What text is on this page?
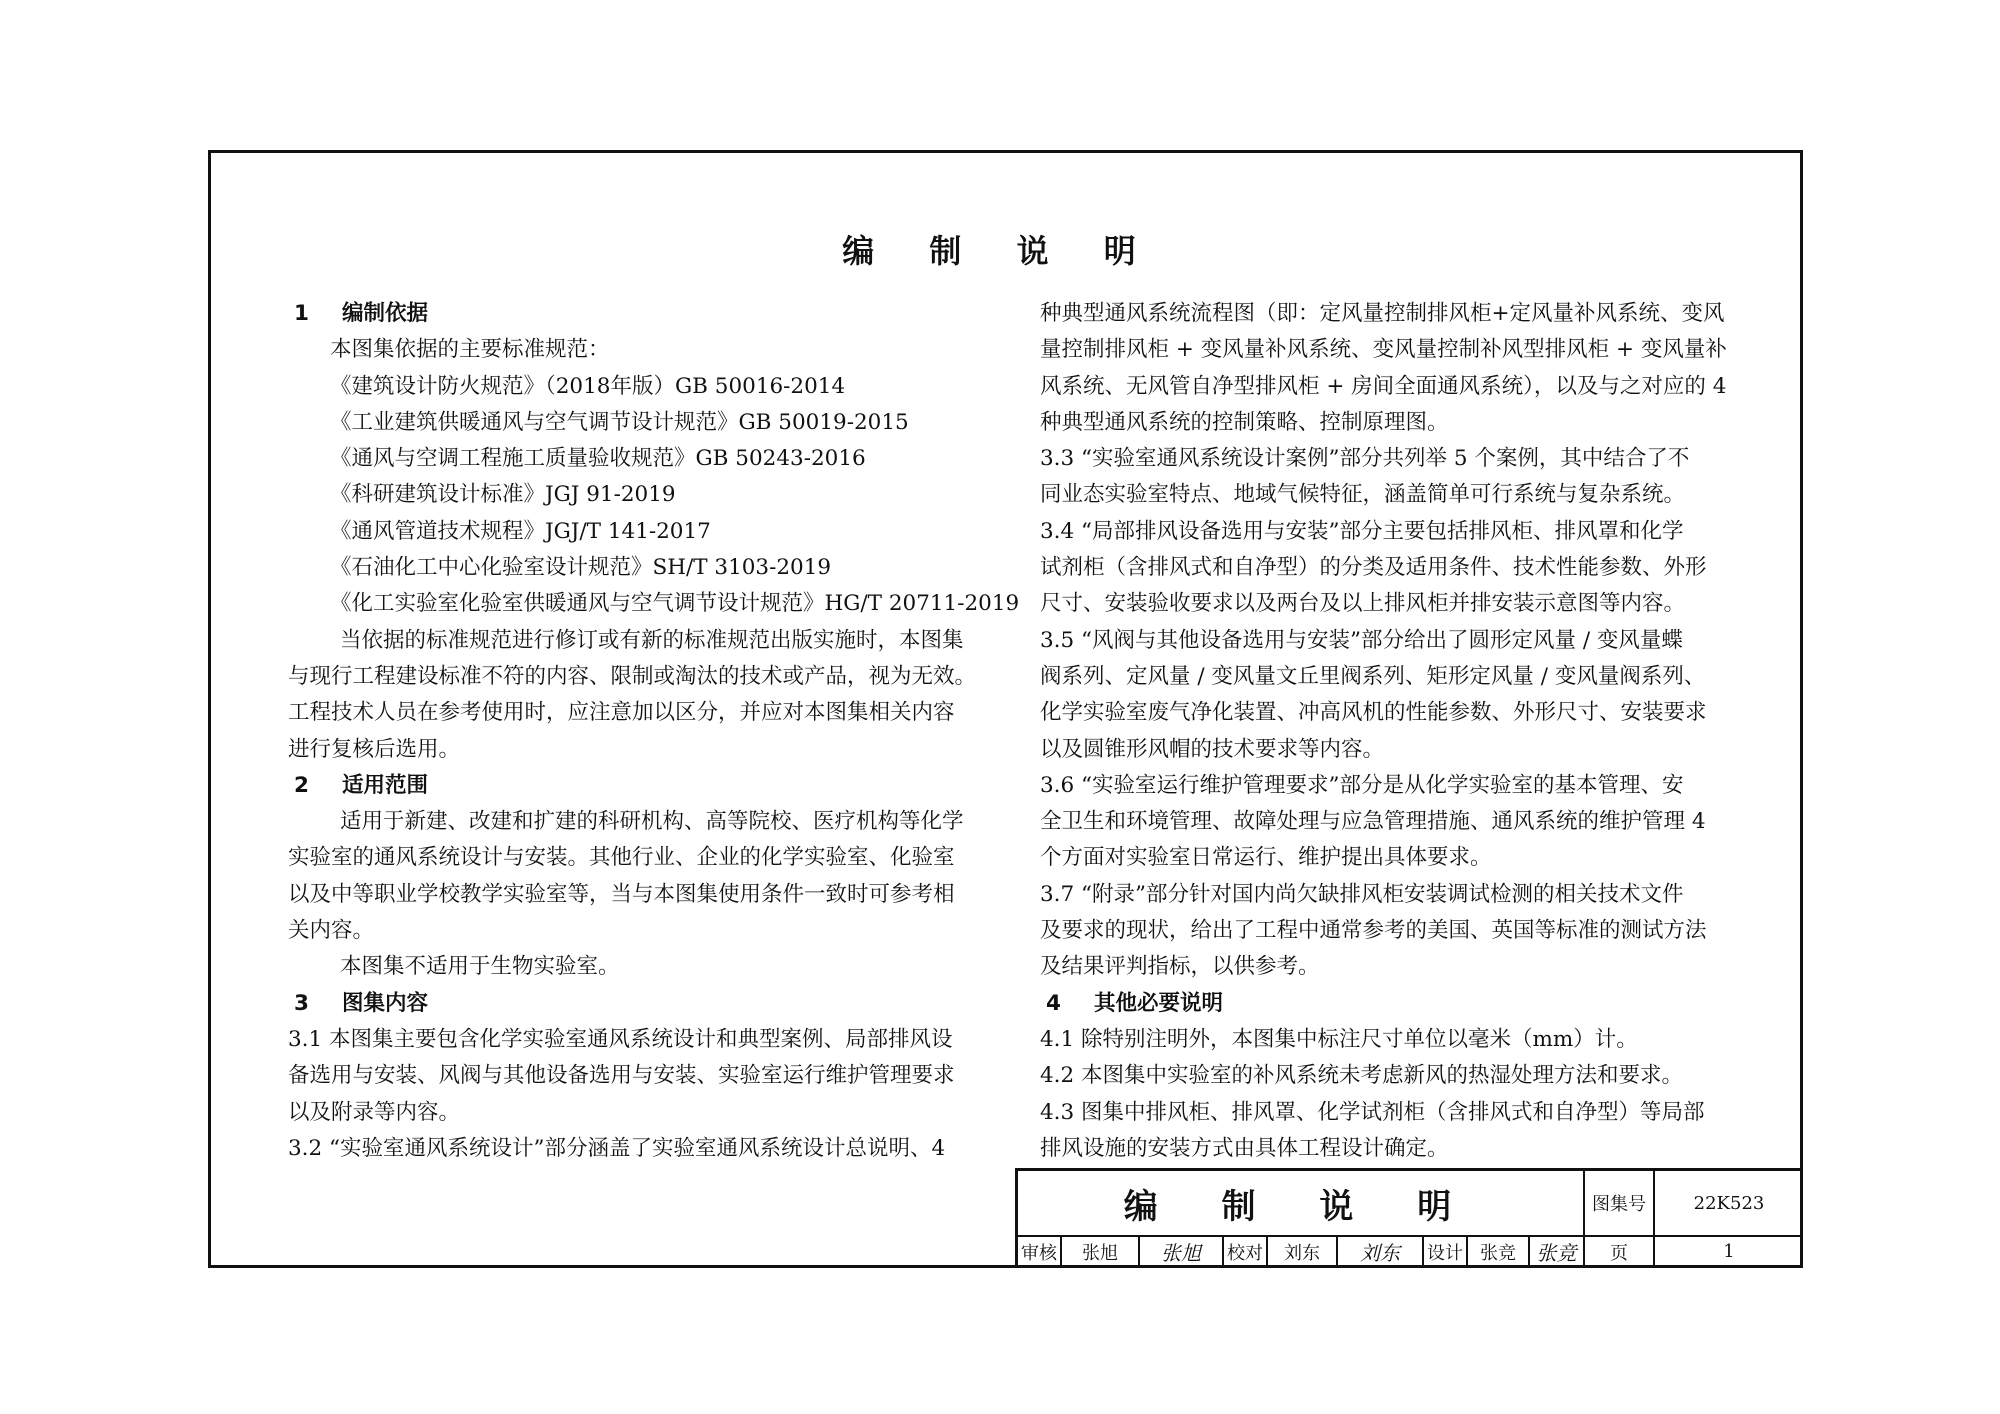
编 制 说 明
1 编制依据
本图集依据的主要标准规范：
《建筑设计防火规范》（2018年版）GB 50016-2014
《工业建筑供暖通风与空气调节设计规范》GB 50019-2015
《通风与空调工程施工质量验收规范》GB 50243-2016
《科研建筑设计标准》JGJ 91-2019
《通风管道技术规程》JGJ/T 141-2017
《石油化工中心化验室设计规范》SH/T 3103-2019
《化工实验室化验室供暖通风与空气调节设计规范》HG/T 20711-2019
当依据的标准规范进行修订或有新的标准规范出版实施时，本图集
与现行工程建设标准不符的内容、限制或淘汰的技术或产品，视为无效。
工程技术人员在参考使用时，应注意加以区分，并应对本图集相关内容
进行复核后选用。
2 适用范围
适用于新建、改建和扩建的科研机构、高等院校、医疗机构等化学
实验室的通风系统设计与安装。其他行业、企业的化学实验室、化验室
以及中等职业学校教学实验室等，当与本图集使用条件一致时可参考相
关内容。
本图集不适用于生物实验室。
3 图集内容
3.1 本图集主要包含化学实验室通风系统设计和典型案例、局部排风设
备选用与安装、风阀与其他设备选用与安装、实验室运行维护管理要求
以及附录等内容。
3.2 “实验室通风系统设计”部分涵盖了实验室通风系统设计总说明、4
种典型通风系统流程图（即：定风量控制排风柜+定风量补风系统、变风
量控制排风柜 + 变风量补风系统、变风量控制补风型排风柜 + 变风量补
风系统、无风管自净型排风柜 + 房间全面通风系统），以及与之对应的 4
种典型通风系统的控制策略、控制原理图。
3.3 “实验室通风系统设计案例”部分共列举 5 个案例，其中结合了不
同业态实验室特点、地域气候特征，涵盖简单可行系统与复杂系统。
3.4 “局部排风设备选用与安装”部分主要包括排风柜、排风罩和化学
试剂柜（含排风式和自净型）的分类及适用条件、技术性能参数、外形
尺寸、安装验收要求以及两台及以上排风柜并排安装示意图等内容。
3.5 “风阀与其他设备选用与安装”部分给出了圆形定风量 / 变风量蝶
阀系列、定风量 / 变风量文丘里阀系列、矩形定风量 / 变风量阀系列、
化学实验室废气净化装置、冲高风机的性能参数、外形尺寸、安装要求
以及圆锥形风帽的技术要求等内容。
3.6 “实验室运行维护管理要求”部分是从化学实验室的基本管理、安
全卫生和环境管理、故障处理与应急管理措施、通风系统的维护管理 4
个方面对实验室日常运行、维护提出具体要求。
3.7 “附录”部分针对国内尚欠缺排风柜安装调试检测的相关技术文件
及要求的现状，给出了工程中通常参考的美国、英国等标准的测试方法
及结果评判指标，以供参考。
4 其他必要说明
4.1 除特别注明外，本图集中标注尺寸单位以毫米（mm）计。
4.2 本图集中实验室的补风系统未考虑新风的热湿处理方法和要求。
4.3 图集中排风柜、排风罩、化学试剂柜（含排风式和自净型）等局部
排风设施的安装方式由具体工程设计确定。
编 制 说 明	图集号	22K523
审核	张旭	张旭	校对	刘东	刘东	设计 张竞	张竞	页	1
